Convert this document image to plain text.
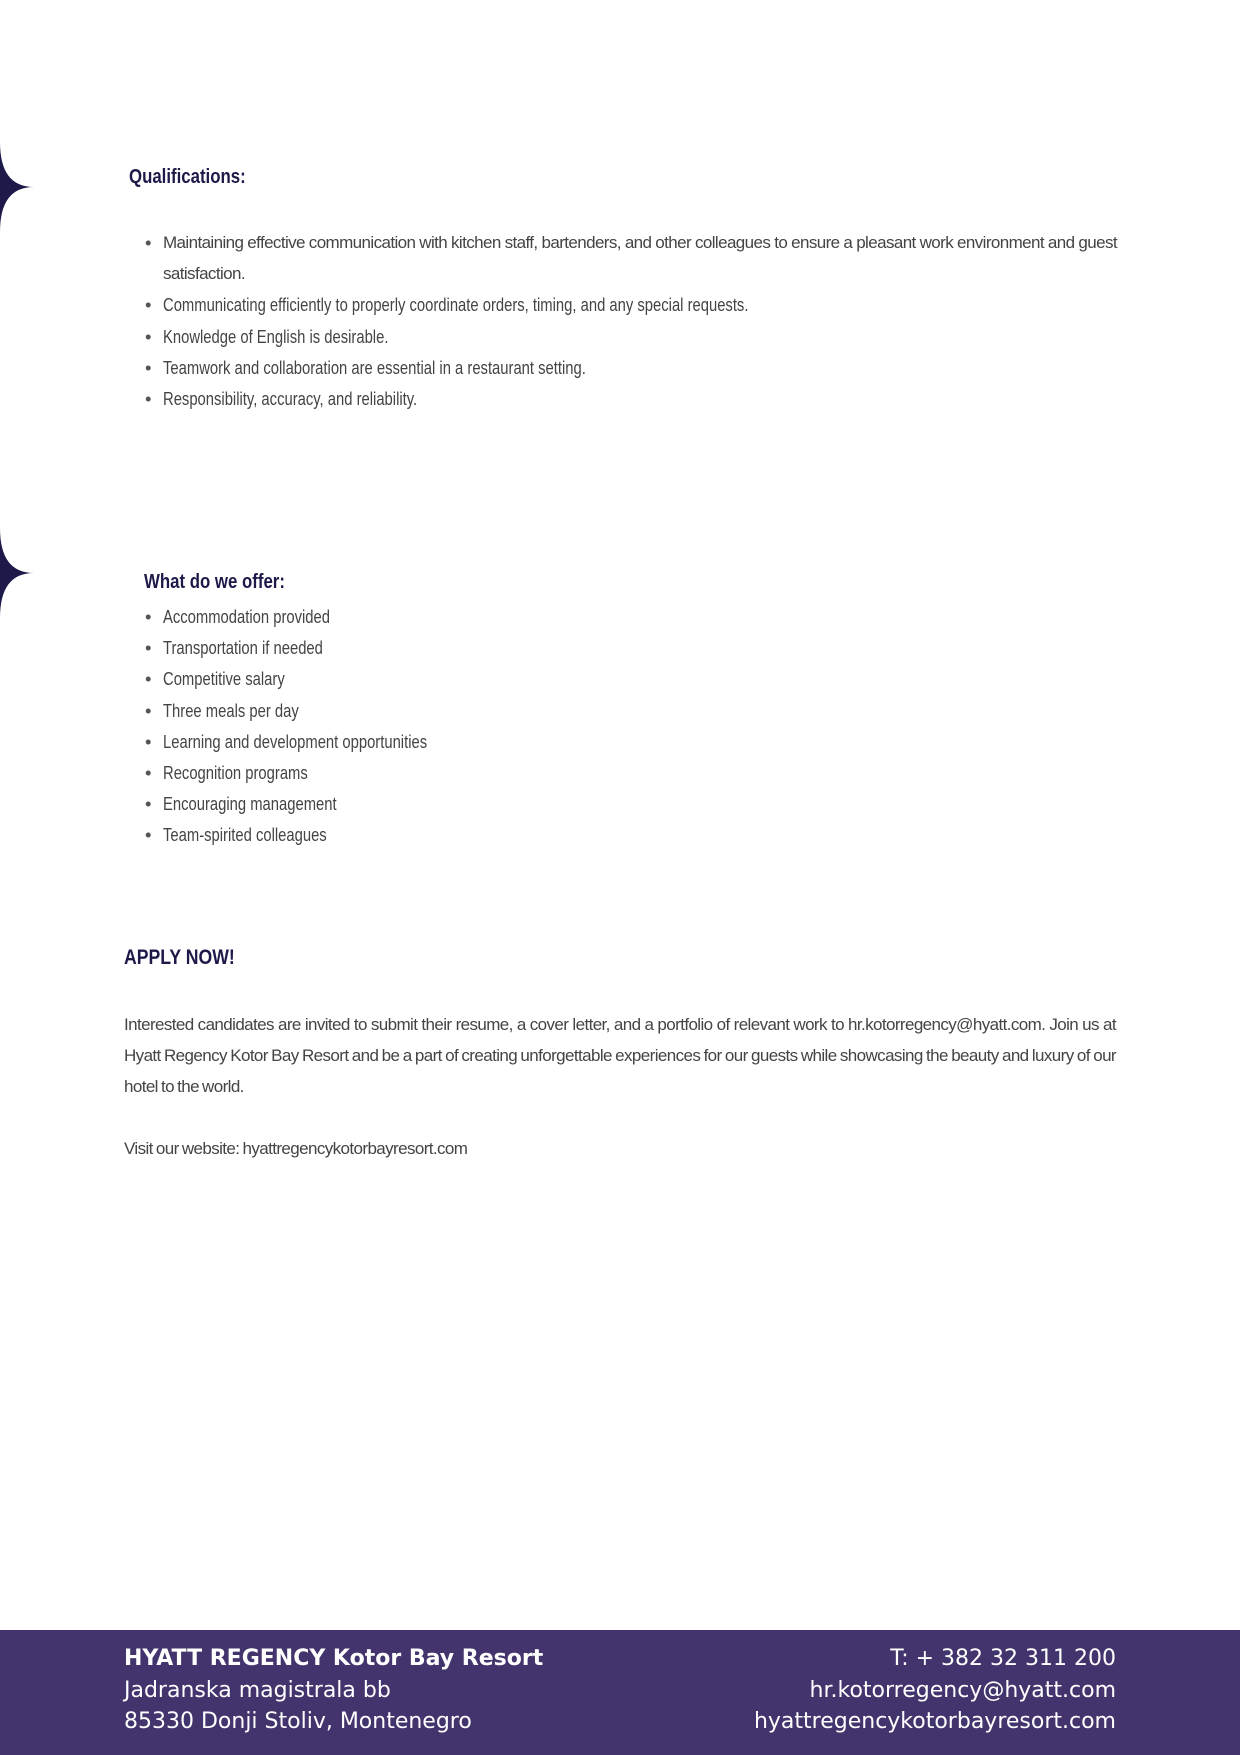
Qualifications:
• Maintaining effective communication with kitchen staff, bartenders, and other colleagues to ensure a pleasant work environment and guest satisfaction.
• Communicating efficiently to properly coordinate orders, timing, and any special requests.
• Knowledge of English is desirable.
• Teamwork and collaboration are essential in a restaurant setting.
• Responsibility, accuracy, and reliability.
What do we offer:
• Accommodation provided
• Transportation if needed
• Competitive salary
• Three meals per day
• Learning and development opportunities
• Recognition programs
• Encouraging management
• Team-spirited colleagues
APPLY NOW!

Interested candidates are invited to submit their resume, a cover letter, and a portfolio of relevant work to hr.kotorregency@hyatt.com. Join us at Hyatt Regency Kotor Bay Resort and be a part of creating unforgettable experiences for our guests while showcasing the beauty and luxury of our hotel to the world.

Visit our website: hyattregencykotorbayresort.com

HYATT REGENCY Kotor Bay Resort
Jadranska magistrala bb
85330 Donji Stoliv, Montenegro
T: + 382 32 311 200
hr.kotorregency@hyatt.com
hyattregencykotorbayresort.com
